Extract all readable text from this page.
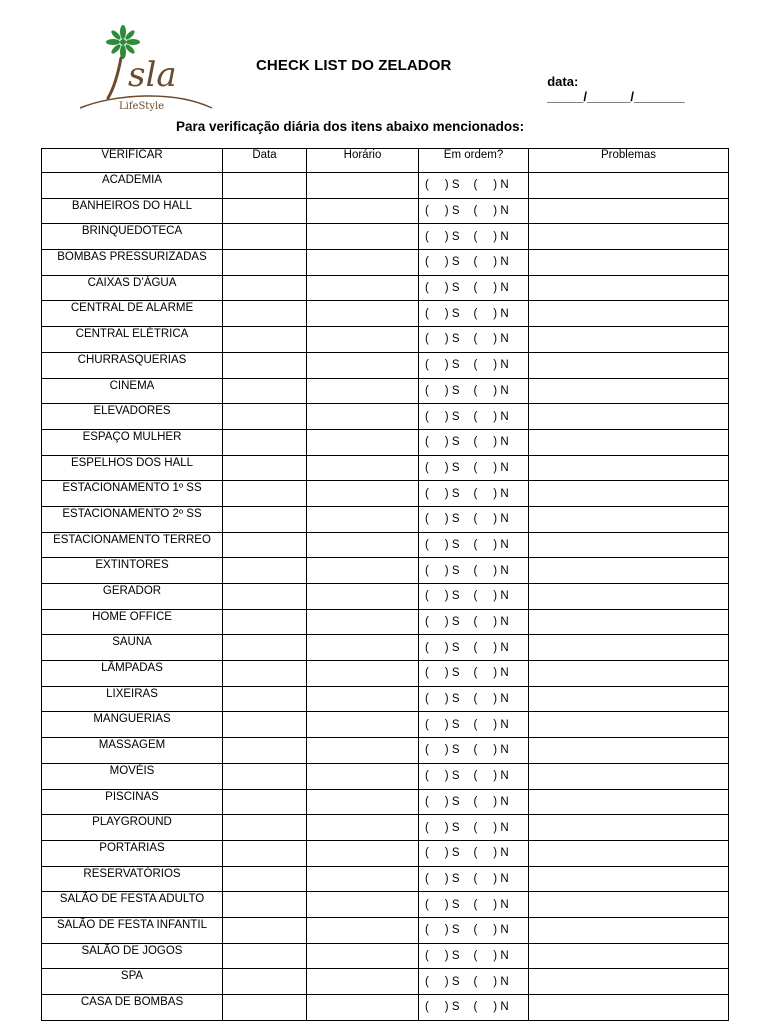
sla
LifeStyle
CHECK LIST DO ZELADOR

data:
_____/______/_______

Para verificação diária dos itens abaixo mencionados:
VERIFICAR	Data	Horário	Em ordem?	Problemas
ACADEMIA			(     ) S (     ) N	

BANHEIROS DO HALL			(     ) S (     ) N	

BRINQUEDOTECA			(     ) S (     ) N	

BOMBAS PRESSURIZADAS			(     ) S (     ) N	

CAIXAS D’ÁGUA			(     ) S (     ) N	

CENTRAL DE ALARME			(     ) S (     ) N	

CENTRAL ELÉTRICA			(     ) S (     ) N	

CHURRASQUERIAS			(     ) S (     ) N	

CINEMA			(     ) S (     ) N	

ELEVADORES			(     ) S (     ) N	

ESPAÇO MULHER			(     ) S (     ) N	

ESPELHOS DOS HALL			(     ) S (     ) N	

ESTACIONAMENTO 1º SS			(     ) S (     ) N	

ESTACIONAMENTO 2º SS			(     ) S (     ) N	

ESTACIONAMENTO TERREO			(     ) S (     ) N	

EXTINTORES			(     ) S (     ) N	

GERADOR			(     ) S (     ) N	

HOME OFFICE			(     ) S (     ) N	

SAUNA			(     ) S (     ) N	

LÂMPADAS			(     ) S (     ) N	

LIXEIRAS			(     ) S (     ) N	

MANGUERIAS			(     ) S (     ) N	

MASSAGEM			(     ) S (     ) N	

MOVÉIS			(     ) S (     ) N	

PISCINAS			(     ) S (     ) N	

PLAYGROUND			(     ) S (     ) N	

PORTARIAS			(     ) S (     ) N	

RESERVATÓRIOS			(     ) S (     ) N	

SALÃO DE FESTA ADULTO			(     ) S (     ) N	

SALÃO DE FESTA INFANTIL			(     ) S (     ) N	

SALÃO DE JOGOS			(     ) S (     ) N	

SPA			(     ) S (     ) N	

CASA DE BOMBAS			(     ) S (     ) N	
